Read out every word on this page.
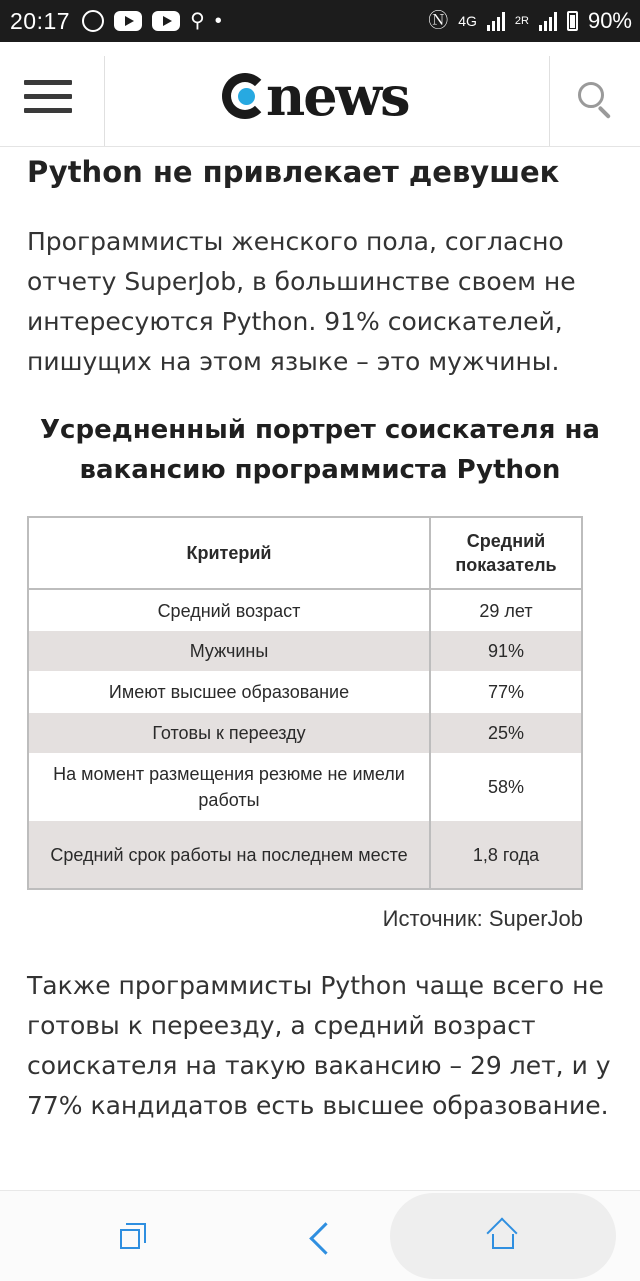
20:17	⚲ •	Ⓝ 4G	2R	90%
news
Python не привлекает девушек

Программисты женского пола, согласно отчету SuperJob, в большинстве своем не интересуются Python. 91% соискателей, пишущих на этом языке – это мужчины.

Усредненный портрет соискателя на вакансию программиста Python
Критерий	Средний показатель
Средний возраст	29 лет
Мужчины	91%
Имеют высшее образование	77%
Готовы к переезду	25%
На момент размещения резюме не имели работы	58%
Средний срок работы на последнем месте	1,8 года
Источник: SuperJob

Также программисты Python чаще всего не готовы к переезду, а средний возраст соискателя на такую вакансию – 29 лет, и у 77% кандидатов есть высшее образование.
